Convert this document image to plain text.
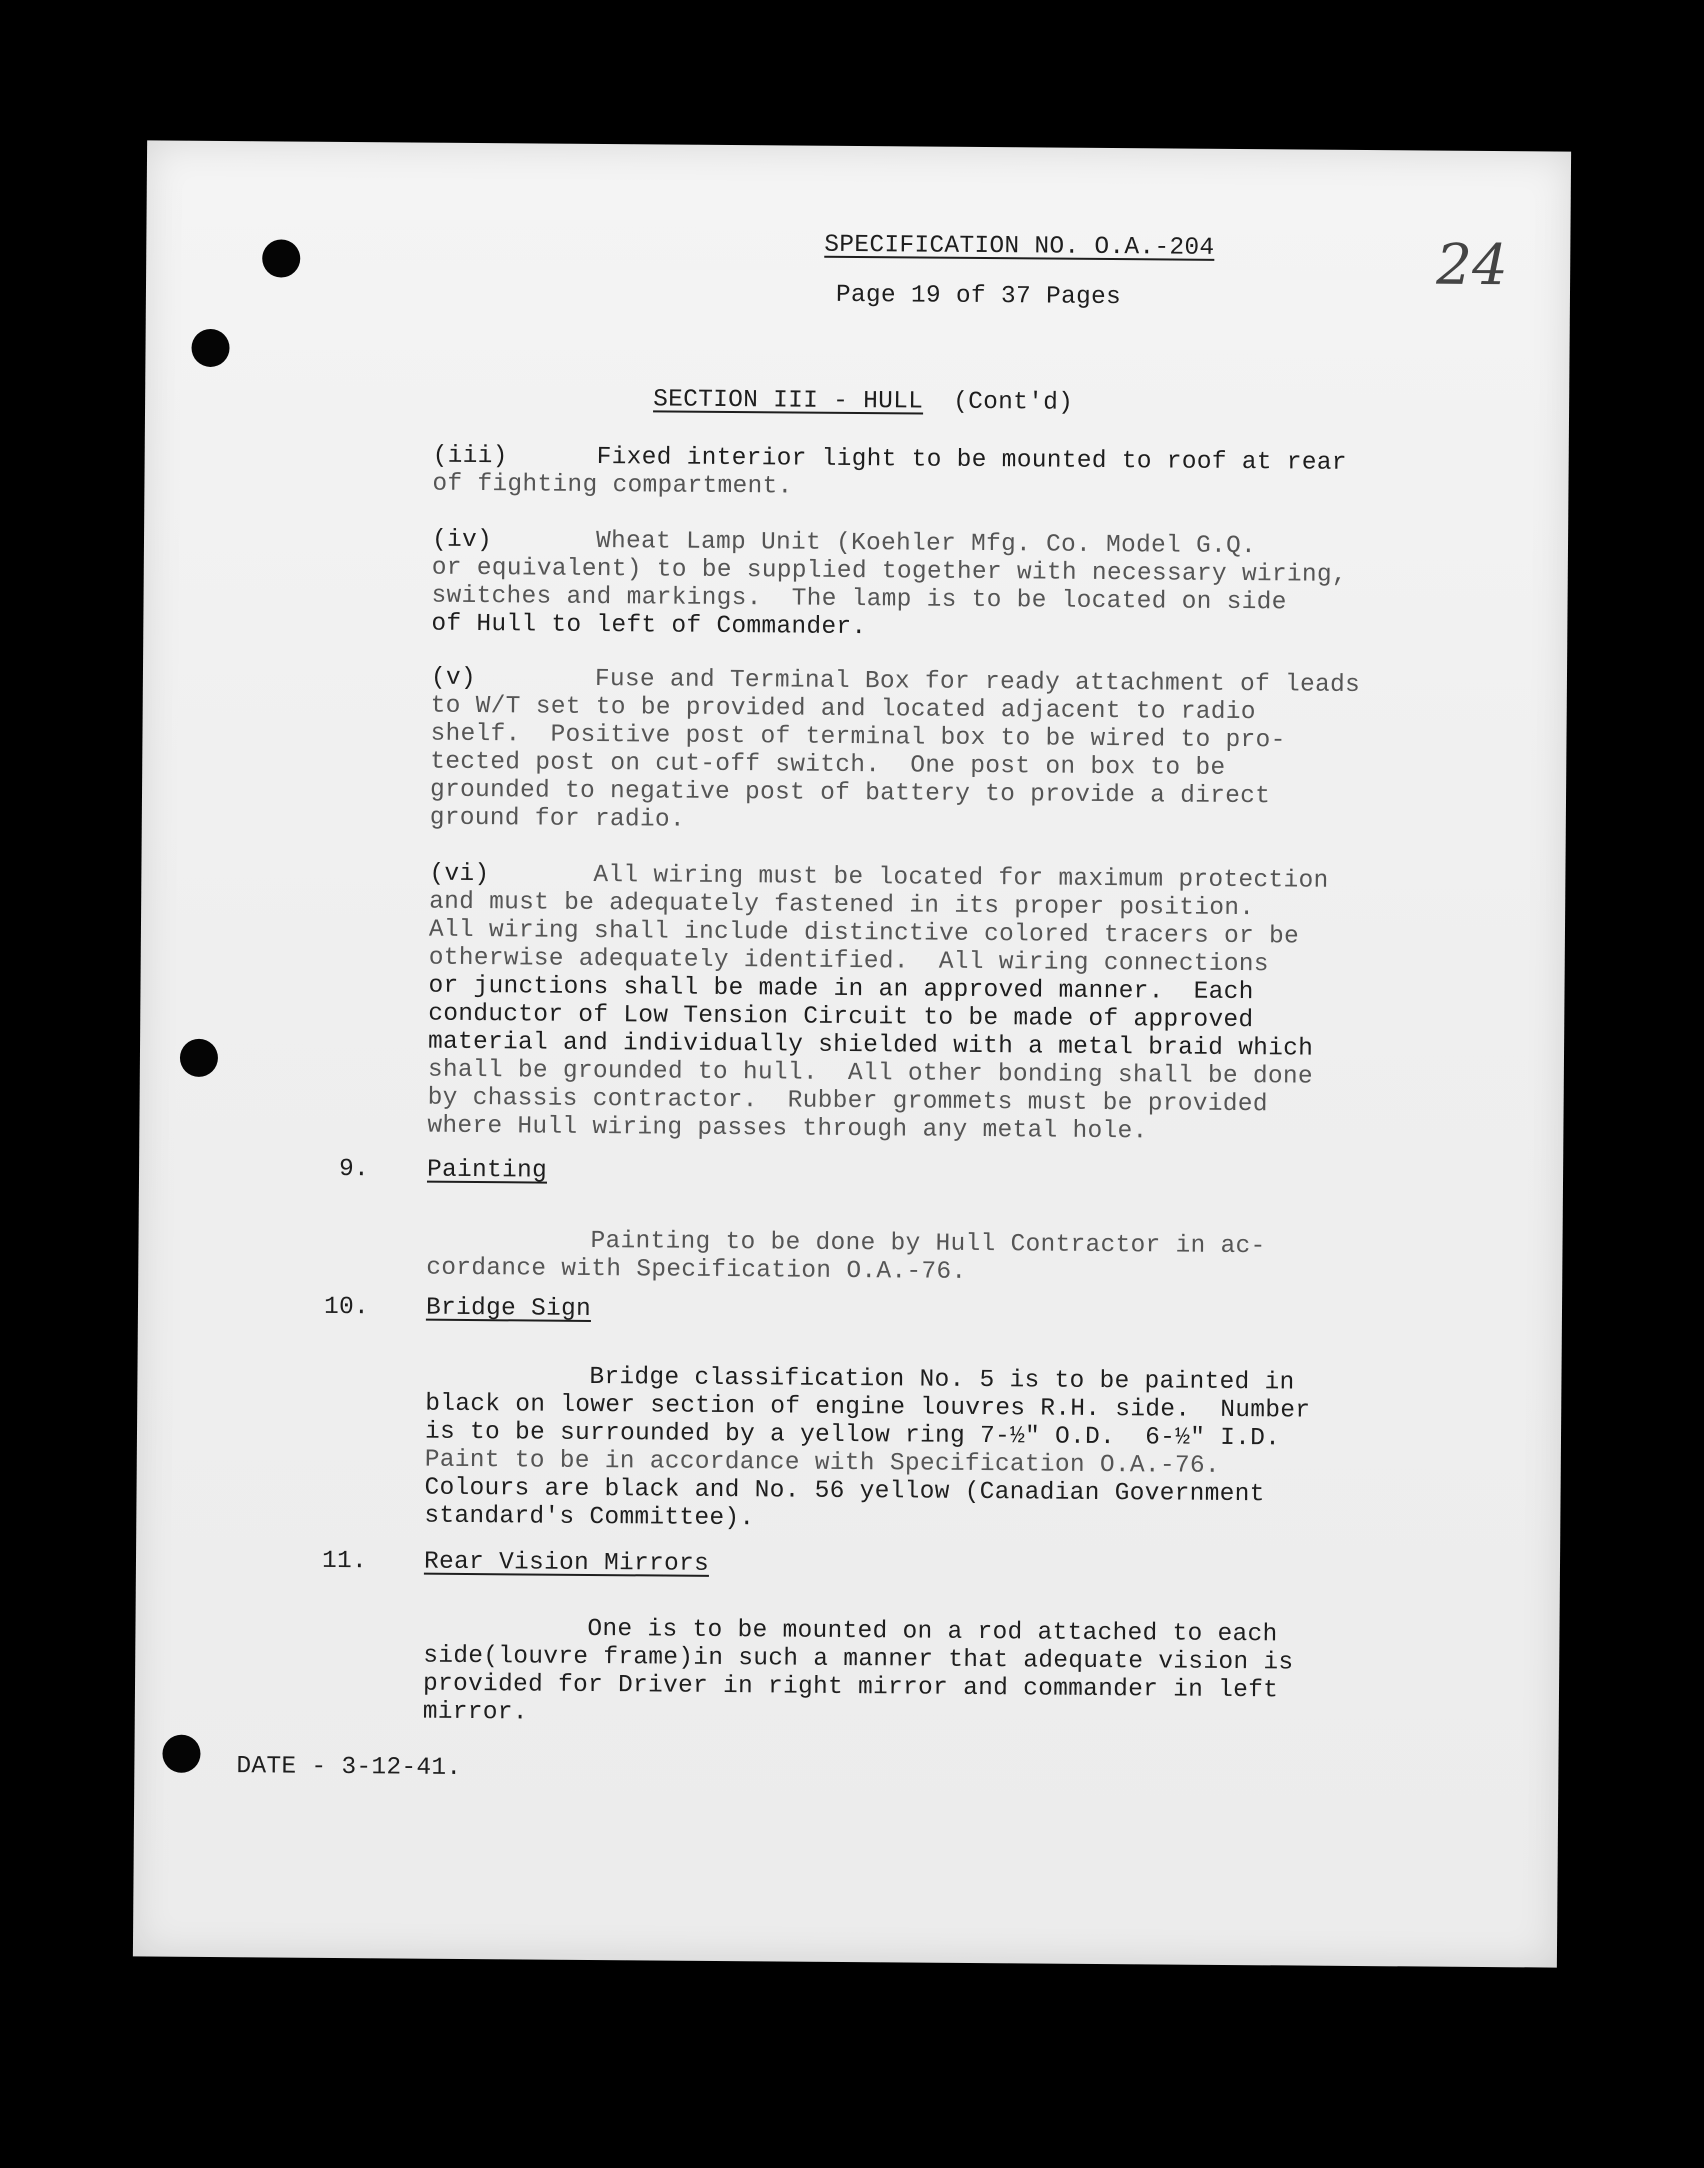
SPECIFICATION NO. O.A.-204
Page 19 of 37 Pages	24

SECTION III - HULL (Cont'd)

(iii)	Fixed interior light to be mounted to roof at rear
of fighting compartment.
(iv)	Wheat Lamp Unit (Koehler Mfg. Co. Model G.Q.
or equivalent) to be supplied together with necessary wiring,
switches and markings.  The lamp is to be located on side
of Hull to left of Commander.
(v)	Fuse and Terminal Box for ready attachment of leads
to W/T set to be provided and located adjacent to radio
shelf.  Positive post of terminal box to be wired to pro-
tected post on cut-off switch.  One post on box to be
grounded to negative post of battery to provide a direct
ground for radio.
(vi)	All wiring must be located for maximum protection
and must be adequately fastened in its proper position.
All wiring shall include distinctive colored tracers or be
otherwise adequately identified.  All wiring connections
or junctions shall be made in an approved manner.  Each
conductor of Low Tension Circuit to be made of approved
material and individually shielded with a metal braid which
shall be grounded to hull.  All other bonding shall be done
by chassis contractor.  Rubber grommets must be provided
where Hull wiring passes through any metal hole.
9. Painting
Painting to be done by Hull Contractor in ac-
cordance with Specification O.A.-76.
10. Bridge Sign
Bridge classification No. 5 is to be painted in
black on lower section of engine louvres R.H. side.  Number
is to be surrounded by a yellow ring 7-½" O.D.  6-½" I.D.
Paint to be in accordance with Specification O.A.-76.
Colours are black and No. 56 yellow (Canadian Government
standard's Committee).
11. Rear Vision Mirrors
One is to be mounted on a rod attached to each
side(louvre frame)in such a manner that adequate vision is
provided for Driver in right mirror and commander in left
mirror.
DATE - 3-12-41.
